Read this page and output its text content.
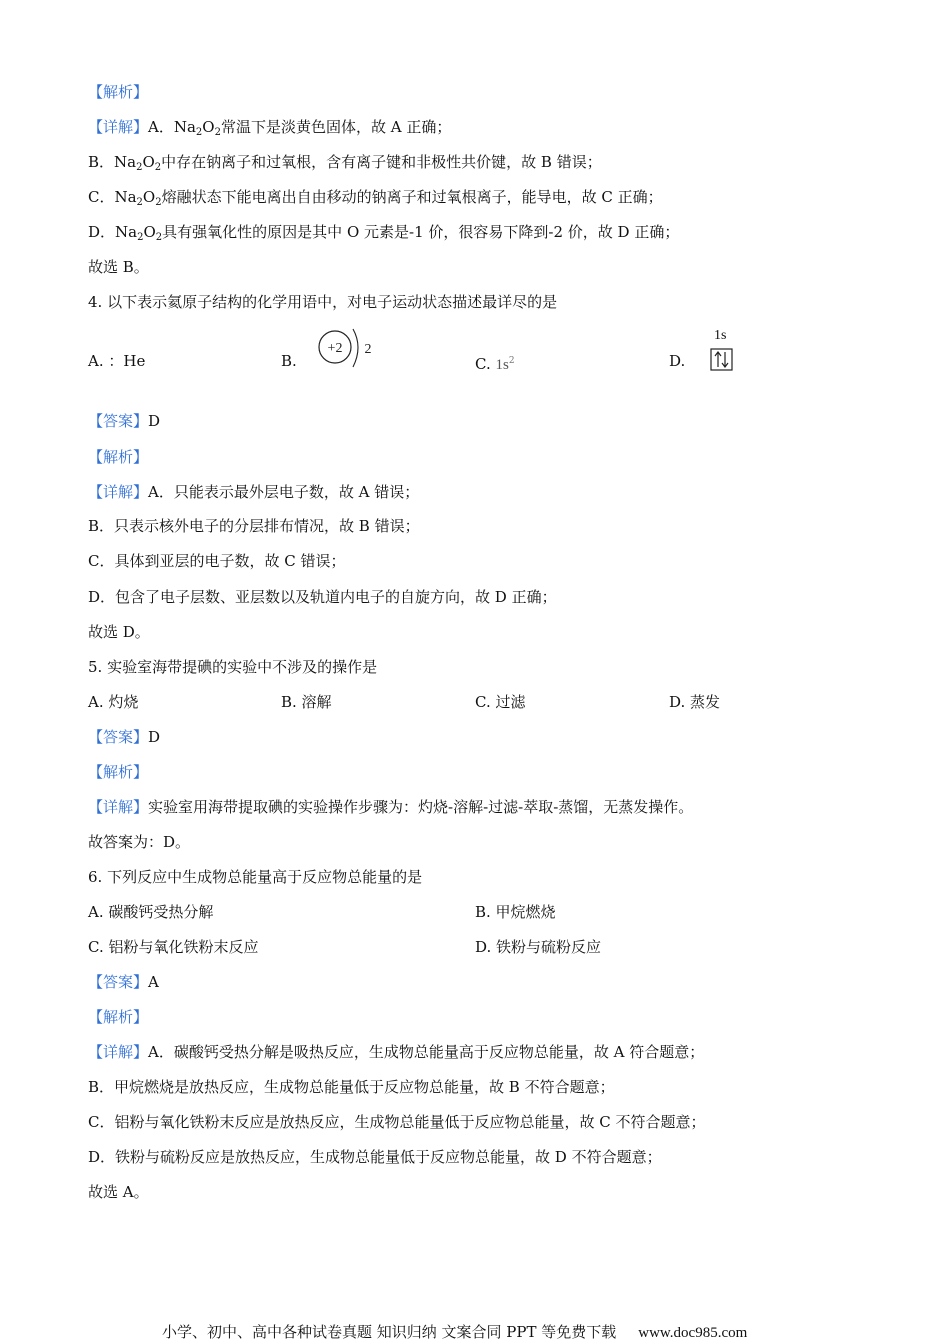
【解析】
【详解】A．$Na_2O_2$常温下是淡黄色固体，故 A 正确；
B．$Na_2O_2$中存在钠离子和过氧根，含有离子键和非极性共价键，故 B 错误；
C．$Na_2O_2$熔融状态下能电离出自由移动的钠离子和过氧根离子，能导电，故 C 正确；
D．$Na_2O_2$具有强氧化性的原因是其中 O 元素是-1 价，很容易下降到-2 价，故 D 正确；
故选 B。
4. 以下表示氦原子结构的化学用语中，对电子运动状态描述最详尽的是
A. ：He	B.
+2 2
C. $1s^2$	D.
1s
【答案】D
【解析】
【详解】A．只能表示最外层电子数，故 A 错误；
B．只表示核外电子的分层排布情况，故 B 错误；
C．具体到亚层的电子数，故 C 错误；
D．包含了电子层数、亚层数以及轨道内电子的自旋方向，故 D 正确；
故选 D。
5. 实验室海带提碘的实验中不涉及的操作是
A. 灼烧	B. 溶解	C. 过滤	D. 蒸发
【答案】D
【解析】
【详解】实验室用海带提取碘的实验操作步骤为：灼烧-溶解-过滤-萃取-蒸馏，无蒸发操作。
故答案为：D。
6. 下列反应中生成物总能量高于反应物总能量的是
A. 碳酸钙受热分解	B. 甲烷燃烧
C. 铝粉与氧化铁粉末反应	D. 铁粉与硫粉反应
【答案】A
【解析】
【详解】A．碳酸钙受热分解是吸热反应，生成物总能量高于反应物总能量，故 A 符合题意；
B．甲烷燃烧是放热反应，生成物总能量低于反应物总能量，故 B 不符合题意；
C．铝粉与氧化铁粉末反应是放热反应，生成物总能量低于反应物总能量，故 C 不符合题意；
D．铁粉与硫粉反应是放热反应，生成物总能量低于反应物总能量，故 D 不符合题意；
故选 A。
小学、初中、高中各种试卷真题 知识归纳 文案合同 PPT 等免费下载 www.doc985.com
